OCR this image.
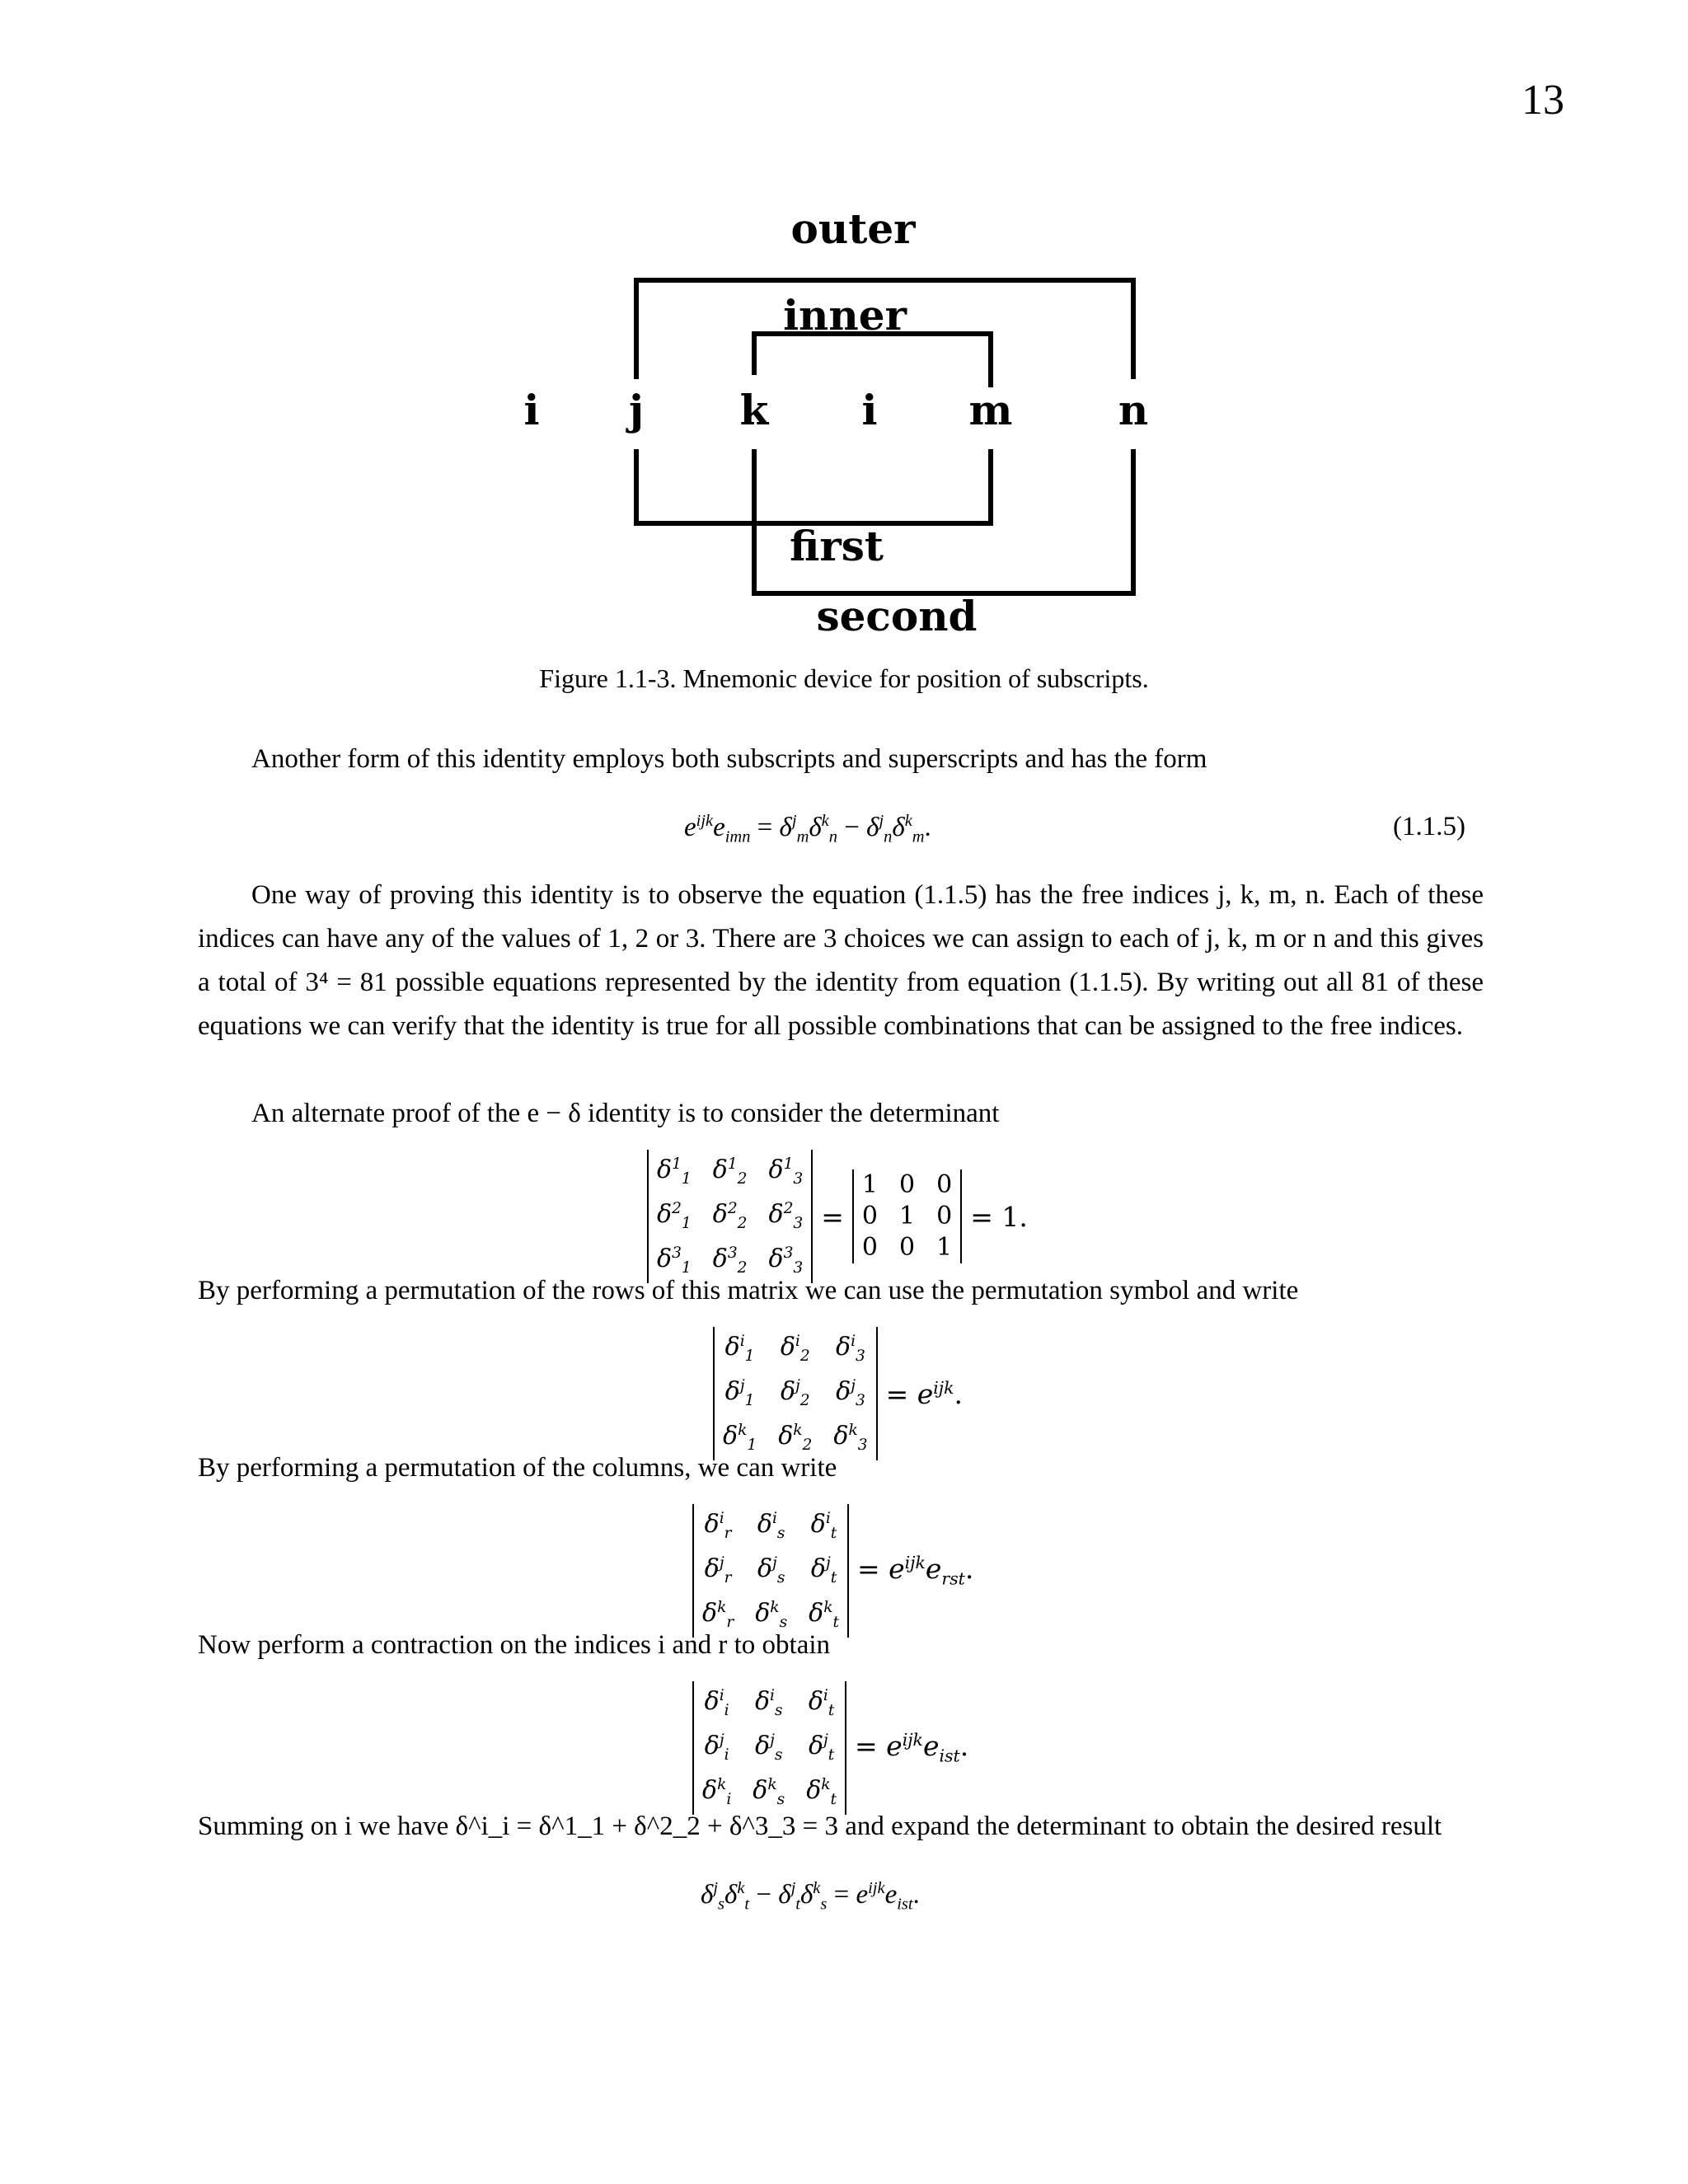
13
outer
inner
first
second
i j k i m	n
Figure 1.1-3. Mnemonic device for position of subscripts.
Another form of this identity employs both subscripts and superscripts and has the form
$e^{ijk}e_{imn} = \delta^j_m\delta^k_n - \delta^j_n\delta^k_m$.	(1.1.5)
One way of proving this identity is to observe the equation (1.1.5) has the free indices j, k, m, n. Each of these indices can have any of the values of 1, 2 or 3. There are 3 choices we can assign to each of j, k, m or n and this gives a total of 3⁴ = 81 possible equations represented by the identity from equation (1.1.5). By writing out all 81 of these equations we can verify that the identity is true for all possible combinations that can be assigned to the free indices.
An alternate proof of the e − δ identity is to consider the determinant
$\delta^1_1$ $\delta^1_2$ $\delta^1_3$
$\delta^2_1$ $\delta^2_2$ $\delta^2_3$
$\delta^3_1$ $\delta^3_2$ $\delta^3_3$
=
1 0 0
0 1 0
0 0 1
= 1.
By performing a permutation of the rows of this matrix we can use the permutation symbol and write
$\delta^i_1$ $\delta^i_2$ $\delta^i_3$
$\delta^j_1$ $\delta^j_2$ $\delta^j_3$
$\delta^k_1$ $\delta^k_2$ $\delta^k_3$
= $e^{ijk}$.
By performing a permutation of the columns, we can write
$\delta^i_r$ $\delta^i_s$ $\delta^i_t$
$\delta^j_r$ $\delta^j_s$ $\delta^j_t$
$\delta^k_r$ $\delta^k_s$ $\delta^k_t$
= $e^{ijk}e_{rst}$.
Now perform a contraction on the indices i and r to obtain
$\delta^i_i$ $\delta^i_s$ $\delta^i_t$
$\delta^j_i$ $\delta^j_s$ $\delta^j_t$
$\delta^k_i$ $\delta^k_s$ $\delta^k_t$
= $e^{ijk}e_{ist}$.
Summing on i we have δ^i_i = δ^1_1 + δ^2_2 + δ^3_3 = 3 and expand the determinant to obtain the desired result
$\delta^j_s\delta^k_t - \delta^j_t\delta^k_s = e^{ijk}e_{ist}$.
